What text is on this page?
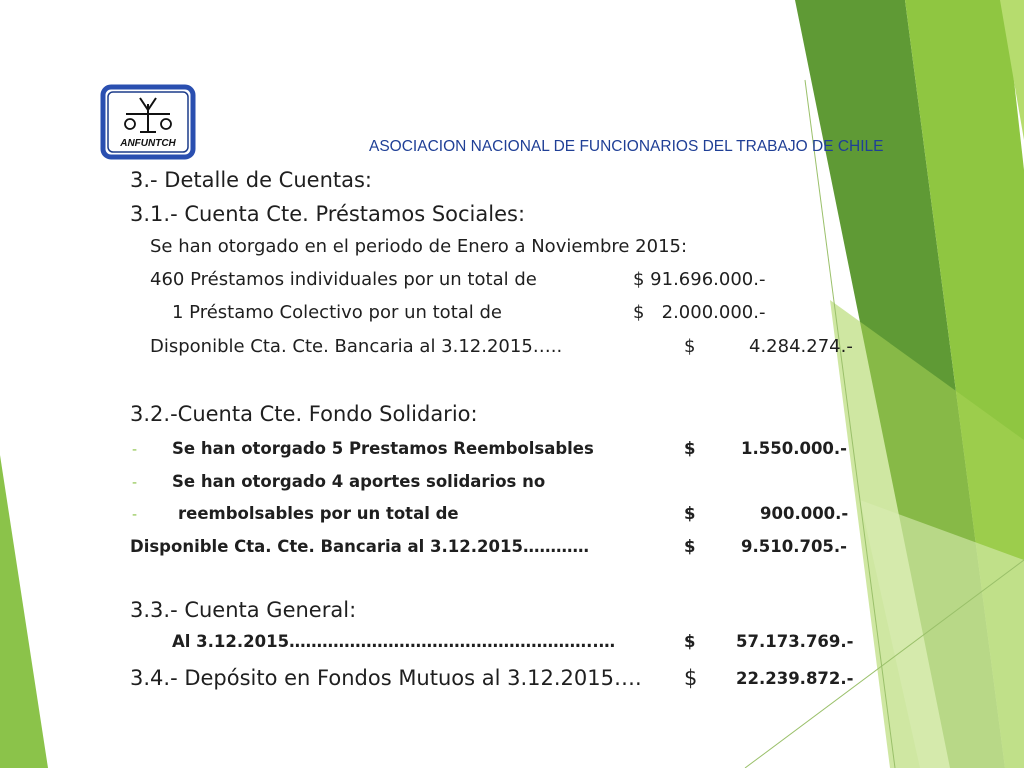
ANFUNTCH	ASOCIACION NACIONAL DE FUNCIONARIOS DEL TRABAJO DE CHILE
3.- Detalle de Cuentas:
3.1.- Cuenta Cte. Préstamos Sociales:
Se han otorgado en el periodo de Enero a Noviembre 2015:
460 Préstamos individuales por un total de	$ 91.696.000.-
1 Préstamo Colectivo por un total de	$   2.000.000.-
Disponible Cta. Cte. Bancaria al 3.12.2015…..	$	4.284.274.-
3.2.-Cuenta Cte. Fondo Solidario:
- Se han otorgado 5 Prestamos Reembolsables	$	1.550.000.-
- Se han otorgado 4 aportes solidarios no
- reembolsables por un total de	$	900.000.-
Disponible Cta. Cte. Bancaria al 3.12.2015…………	$	9.510.705.-
3.3.- Cuenta General:
Al 3.12.2015………………………………………………..…	$ 57.173.769.-
3.4.- Depósito en Fondos Mutuos al 3.12.2015…. $ 22.239.872.-
